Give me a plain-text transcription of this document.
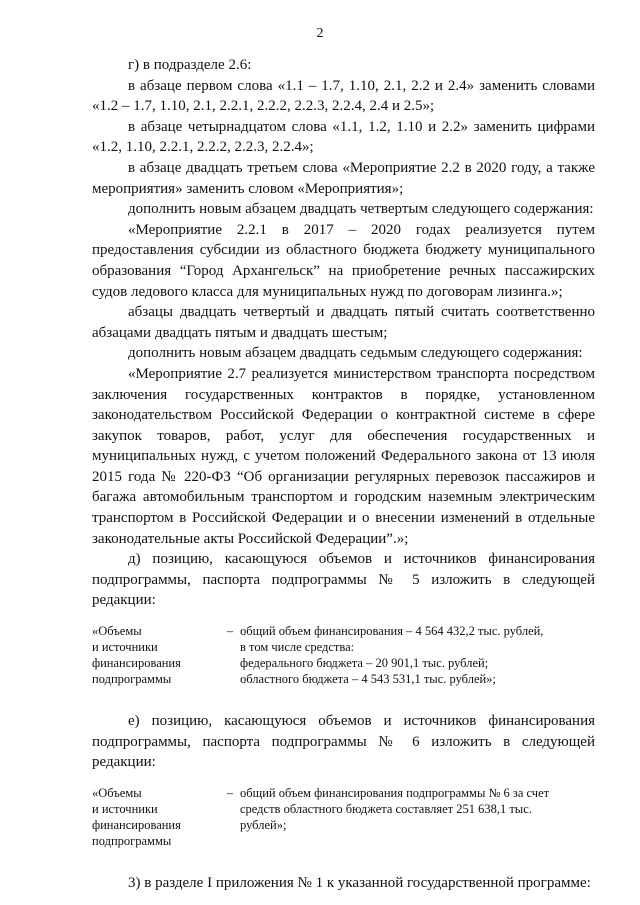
2

г) в подразделе 2.6:

в абзаце первом слова «1.1 – 1.7, 1.10, 2.1, 2.2 и 2.4» заменить словами «1.2 – 1.7, 1.10, 2.1, 2.2.1, 2.2.2, 2.2.3, 2.2.4, 2.4 и 2.5»;

в абзаце четырнадцатом слова «1.1, 1.2, 1.10 и 2.2» заменить цифрами «1.2, 1.10, 2.2.1, 2.2.2, 2.2.3, 2.2.4»;

в абзаце двадцать третьем слова «Мероприятие 2.2 в 2020 году, а также мероприятия» заменить словом «Мероприятия»;

дополнить новым абзацем двадцать четвертым следующего содержания:

«Мероприятие 2.2.1 в 2017 – 2020 годах реализуется путем предоставления субсидии из областного бюджета бюджету муниципального образования “Город Архангельск” на приобретение речных пассажирских судов ледового класса для муниципальных нужд по договорам лизинга.»;

абзацы двадцать четвертый и двадцать пятый считать соответственно абзацами двадцать пятым и двадцать шестым;

дополнить новым абзацем двадцать седьмым следующего содержания:

«Мероприятие 2.7 реализуется министерством транспорта посредством заключения государственных контрактов в порядке, установленном законодательством Российской Федерации о контрактной системе в сфере закупок товаров, работ, услуг для обеспечения государственных и муниципальных нужд, с учетом положений Федерального закона от 13 июля 2015 года № 220-ФЗ “Об организации регулярных перевозок пассажиров и багажа автомобильным транспортом и городским наземным электрическим транспортом в Российской Федерации и о внесении изменений в отдельные законодательные акты Российской Федерации”.»;

д) позицию, касающуюся объемов и источников финансирования подпрограммы, паспорта подпрограммы № 5 изложить в следующей редакции:

«Объемы
и источники
финансирования
подпрограммы
– общий объем финансирования – 4 564 432,2 тыс. рублей,
в том числе средства:
федерального бюджета – 20 901,1 тыс. рублей;
областного бюджета – 4 543 531,1 тыс. рублей»;

е) позицию, касающуюся объемов и источников финансирования подпрограммы, паспорта подпрограммы № 6 изложить в следующей редакции:

«Объемы
и источники
финансирования
подпрограммы
– общий объем финансирования подпрограммы № 6 за счет
средств областного бюджета составляет 251 638,1 тыс.
рублей»;

3) в разделе I приложения № 1 к указанной государственной программе:
